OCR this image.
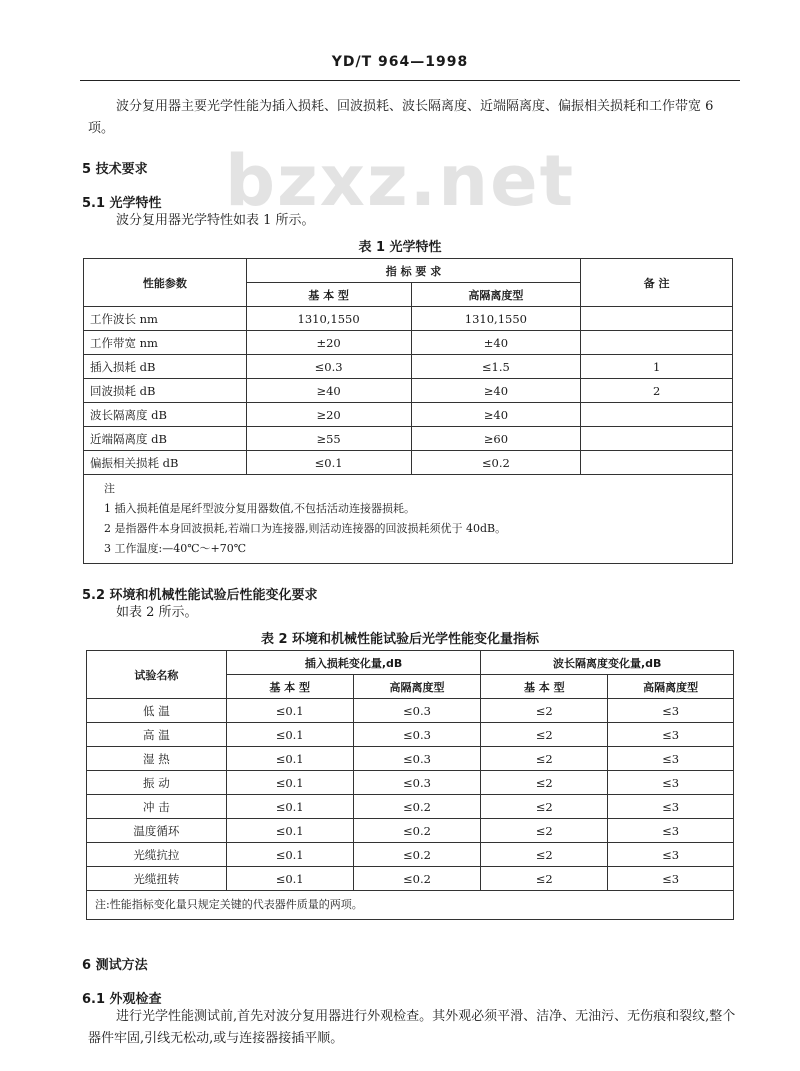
bzxz.net
YD/T 964—1998
波分复用器主要光学性能为插入损耗、回波损耗、波长隔离度、近端隔离度、偏振相关损耗和工作带宽 6 项。
5 技术要求
5.1 光学特性
波分复用器光学特性如表 1 所示。
表 1 光学特性
性能参数	指 标 要 求		备 注
	基 本 型	高隔离度型	
工作波长 nm	1310,1550	1310,1550	
工作带宽 nm	±20	±40	
插入损耗 dB	≤0.3	≤1.5	1
回波损耗 dB	≥40	≥40	2
波长隔离度 dB	≥20	≥40	
近端隔离度 dB	≥55	≥60	
偏振相关损耗 dB	≤0.1	≤0.2	

注
1 插入损耗值是尾纤型波分复用器数值,不包括活动连接器损耗。
2 是指器件本身回波损耗,若端口为连接器,则活动连接器的回波损耗须优于 40dB。
3 工作温度:—40℃～+70℃			
5.2 环境和机械性能试验后性能变化要求
如表 2 所示。
表 2 环境和机械性能试验后光学性能变化量指标
试验名称	插入损耗变化量,dB		波长隔离度变化量,dB	
	基 本 型	高隔离度型	基 本 型	高隔离度型
低 温	≤0.1	≤0.3	≤2	≤3
高 温	≤0.1	≤0.3	≤2	≤3
湿 热	≤0.1	≤0.3	≤2	≤3
振 动	≤0.1	≤0.3	≤2	≤3
冲 击	≤0.1	≤0.2	≤2	≤3
温度循环	≤0.1	≤0.2	≤2	≤3
光缆抗拉	≤0.1	≤0.2	≤2	≤3
光缆扭转	≤0.1	≤0.2	≤2	≤3
注:性能指标变化量只规定关键的代表器件质量的两项。				
6 测试方法
6.1 外观检查
进行光学性能测试前,首先对波分复用器进行外观检查。其外观必须平滑、洁净、无油污、无伤痕和裂纹,整个器件牢固,引线无松动,或与连接器接插平顺。
